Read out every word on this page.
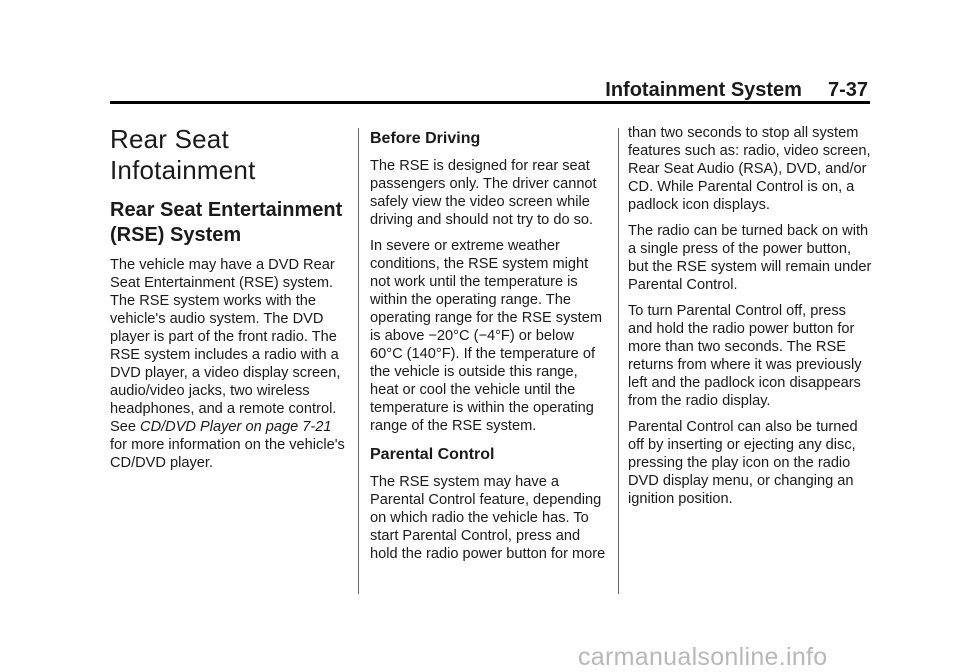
Infotainment System 7-37
Rear Seat Infotainment
Rear Seat Entertainment (RSE) System

The vehicle may have a DVD Rear Seat Entertainment (RSE) system. The RSE system works with the vehicle's audio system. The DVD player is part of the front radio. The RSE system includes a radio with a DVD player, a video display screen, audio/video jacks, two wireless headphones, and a remote control. See CD/DVD Player on page 7-21 for more information on the vehicle's CD/DVD player.

Before Driving

The RSE is designed for rear seat passengers only. The driver cannot safely view the video screen while driving and should not try to do so.

In severe or extreme weather conditions, the RSE system might not work until the temperature is within the operating range. The operating range for the RSE system is above −20°C (−4°F) or below 60°C (140°F). If the temperature of the vehicle is outside this range, heat or cool the vehicle until the temperature is within the operating range of the RSE system.

Parental Control

The RSE system may have a Parental Control feature, depending on which radio the vehicle has. To start Parental Control, press and hold the radio power button for more

than two seconds to stop all system features such as: radio, video screen, Rear Seat Audio (RSA), DVD, and/or CD. While Parental Control is on, a padlock icon displays.

The radio can be turned back on with a single press of the power button, but the RSE system will remain under Parental Control.

To turn Parental Control off, press and hold the radio power button for more than two seconds. The RSE returns from where it was previously left and the padlock icon disappears from the radio display.

Parental Control can also be turned off by inserting or ejecting any disc, pressing the play icon on the radio DVD display menu, or changing an ignition position.

carmanualsonline.info
